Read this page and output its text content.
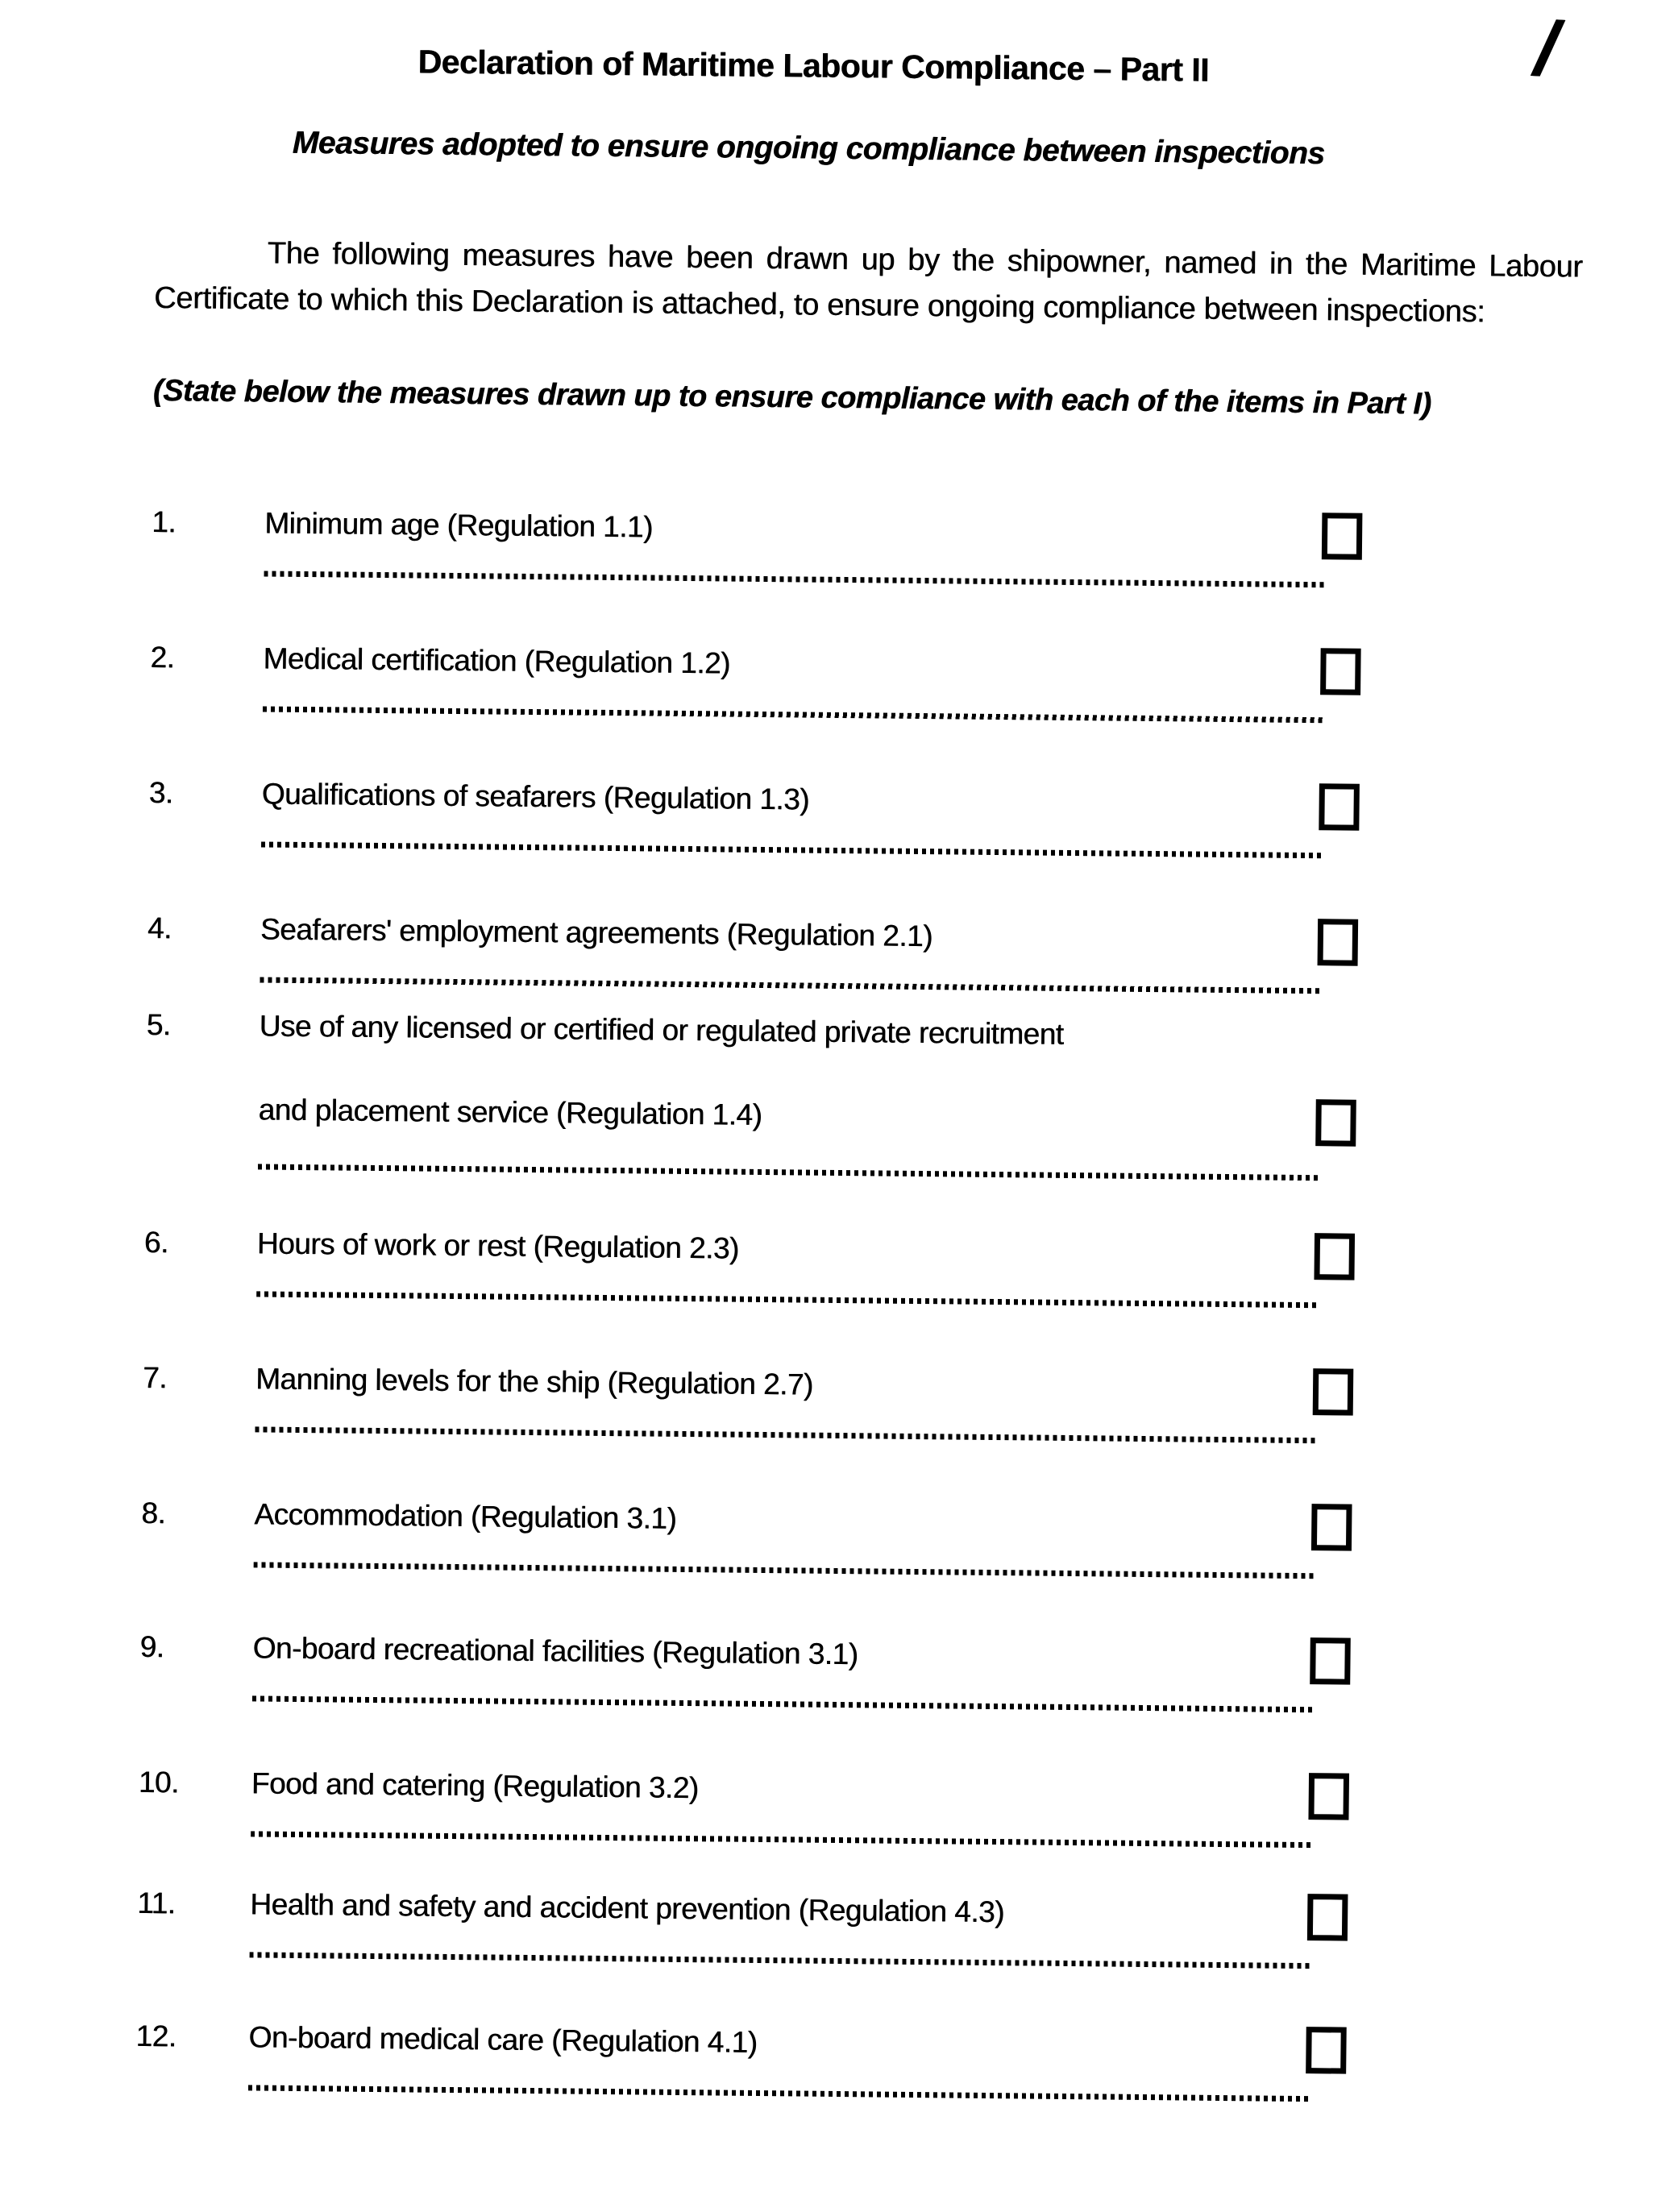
/
Declaration of Maritime Labour Compliance – Part II
Measures adopted to ensure ongoing compliance between inspections
The following measures have been drawn up by the shipowner, named in the Maritime Labour Certificate to which this Declaration is attached, to ensure ongoing compliance between inspections:
(State below the measures drawn up to ensure compliance with each of the items in Part I)
1.	Minimum age (Regulation 1.1)
2.	Medical certification (Regulation 1.2)
3.	Qualifications of seafarers (Regulation 1.3)
4.	Seafarers' employment agreements (Regulation 2.1)
5.	Use of any licensed or certified or regulated private recruitment
and placement service (Regulation 1.4)
6.	Hours of work or rest (Regulation 2.3)
7.	Manning levels for the ship (Regulation 2.7)
8.	Accommodation (Regulation 3.1)
9.	On-board recreational facilities (Regulation 3.1)
10. Food and catering (Regulation 3.2)
11. Health and safety and accident prevention (Regulation 4.3)
12. On-board medical care (Regulation 4.1)
